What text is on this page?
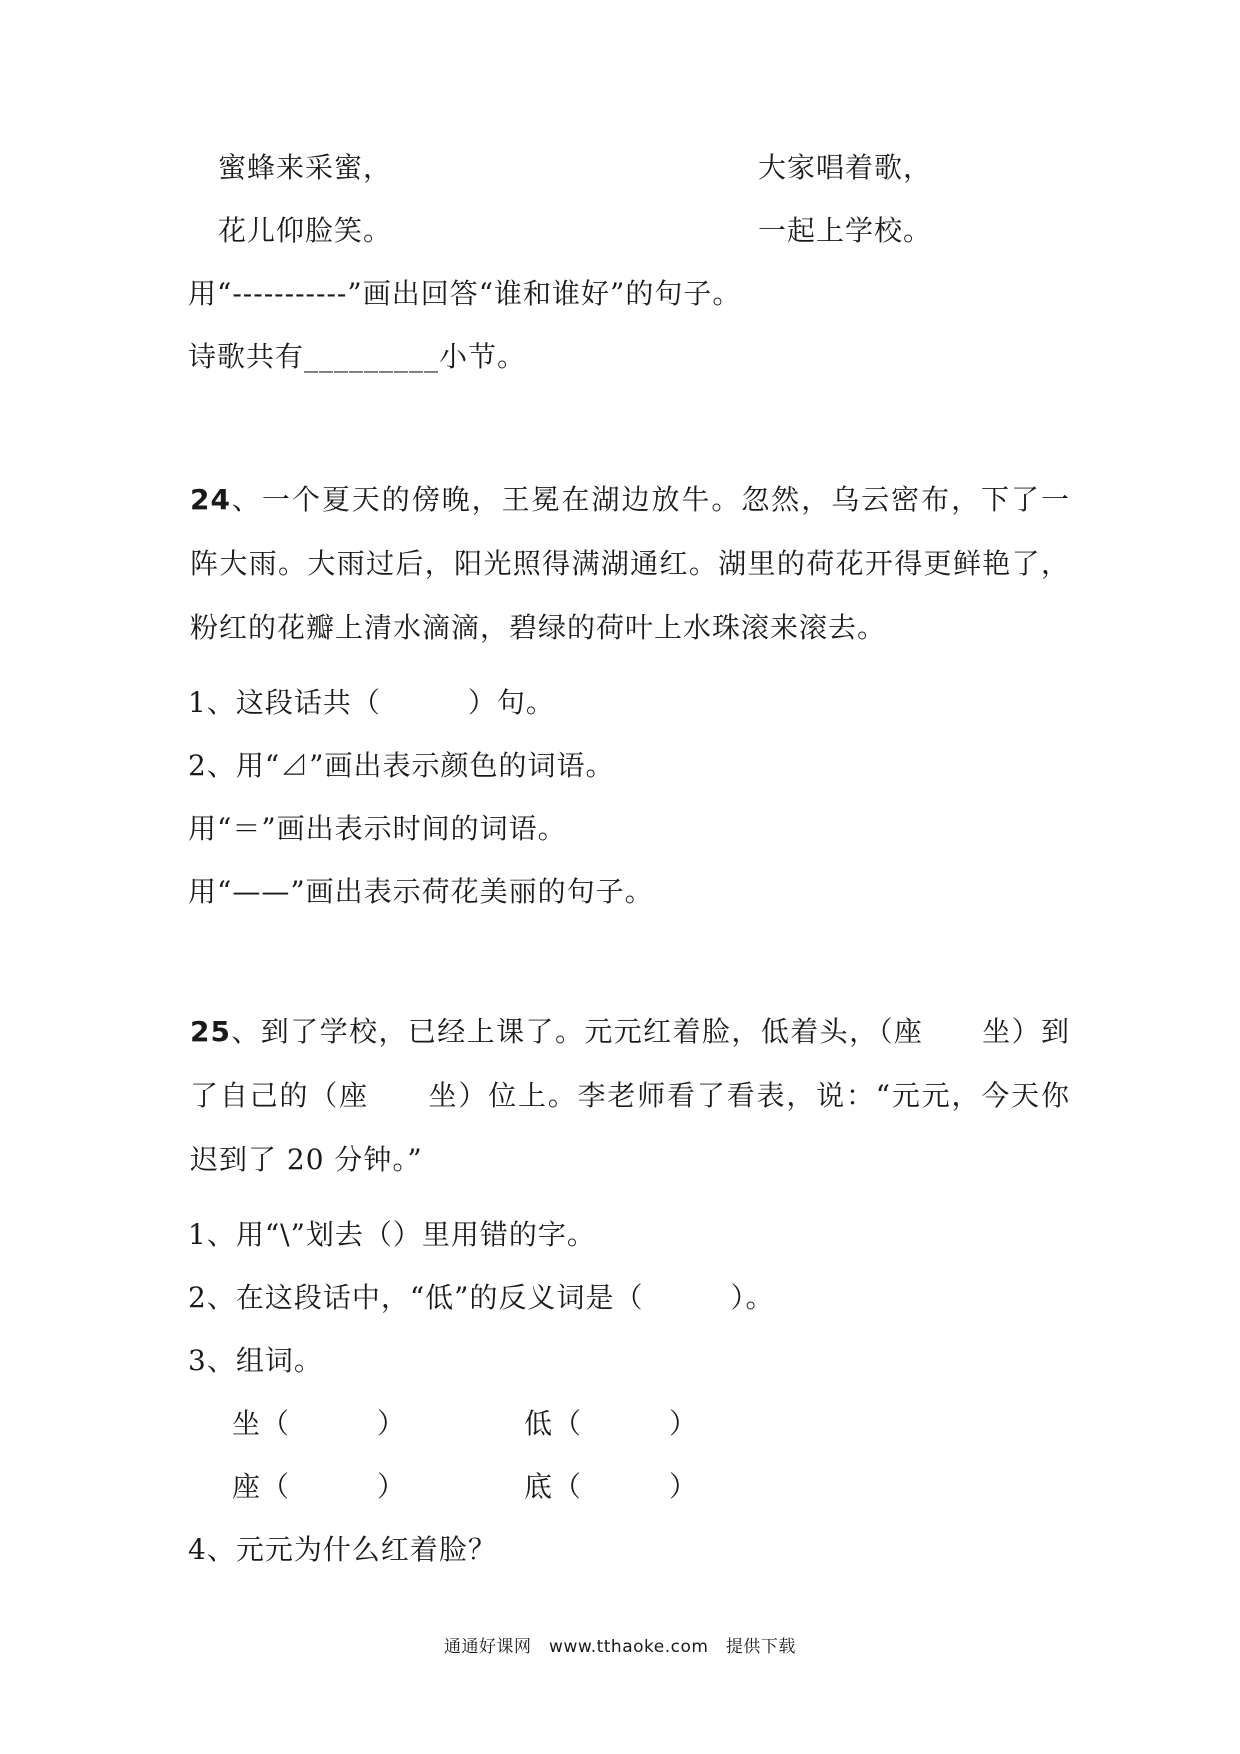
蜜蜂来采蜜，	大家唱着歌，
花儿仰脸笑。	一起上学校。
用“-----------”画出回答“谁和谁好”的句子。
诗歌共有_________小节。
24、一个夏天的傍晚，王冕在湖边放牛。忽然，乌云密布，下了一阵大雨。大雨过后，阳光照得满湖通红。湖里的荷花开得更鲜艳了，粉红的花瓣上清水滴滴，碧绿的荷叶上水珠滚来滚去。
1、这段话共（　　　）句。
2、用“⊿”画出表示颜色的词语。
用“＝”画出表示时间的词语。
用“——”画出表示荷花美丽的句子。
25、到了学校，已经上课了。元元红着脸，低着头，（座　　坐）到了自己的（座　　坐）位上。李老师看了看表，说：“元元，今天你迟到了 20 分钟。”
1、用“\”划去（）里用错的字。
2、在这段话中，“低”的反义词是（　　　）。
3、组词。
坐（　　　）	低（　　　）
座（　　　）	底（　　　）
4、元元为什么红着脸？
通通好课网　www.tthaoke.com　提供下载
